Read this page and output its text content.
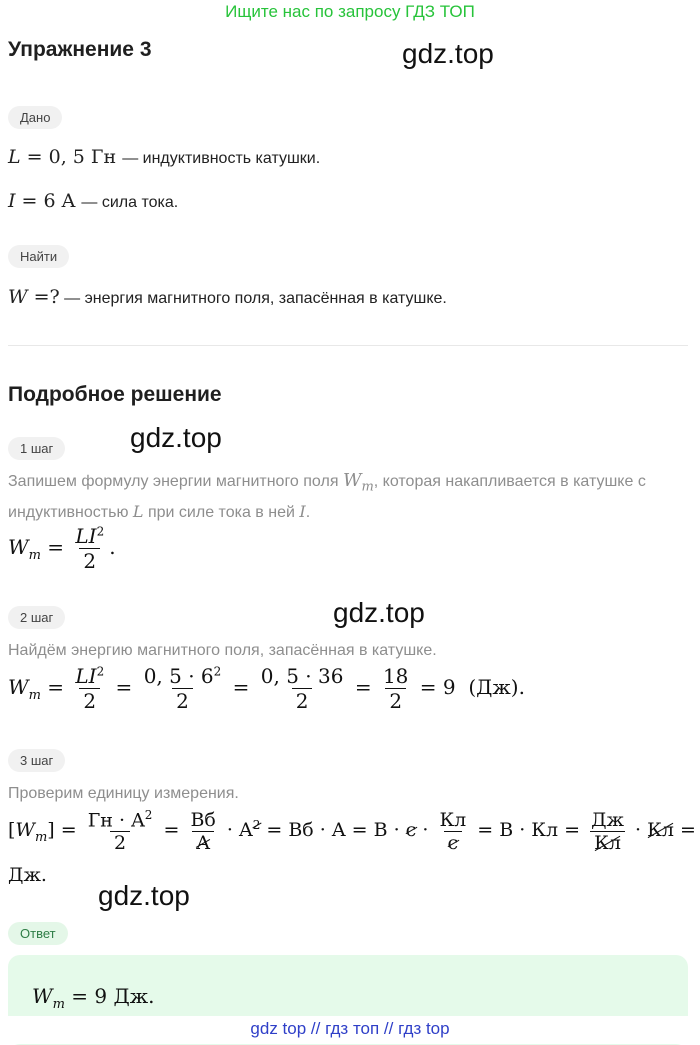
Ищите нас по запросу ГДЗ ТОП
Упражнение 3	gdz.top
Дано
L = 0, 5 Гн — индуктивность катушки.
I = 6 A — сила тока.
Найти
W =? — энергия магнитного поля, запасённая в катушке.
Подробное решение
1 шаг	gdz.top
Запишем формулу энергии магнитного поля $W_m$, которая накапливается в катушке с
индуктивностью L при силе тока в ней I.
$W_m = \frac{LI^2}{2}$ .
2 шаг	gdz.top
Найдём энергию магнитного поля, запасённая в катушке.
$W_m = \frac{LI^2}{2} = \frac{0, 5 \cdot 6^2}{2} = \frac{0, 5 \cdot 36}{2} = \frac{18}{2} = 9$  (Дж).
3 шаг
Проверим единицу измерения.
$[W_m] = \frac{Гн \cdot A^2}{2} = \frac{Вб}{A} \cdot A^2$ = Вб · $A = B \cdot c \cdot \frac{Кл}{c} = B$ · Кл = $\frac{Дж}{Кл}$ · Кл =
Дж.
gdz.top
Ответ
$W_m = 9$ Дж.
gdz top // гдз топ // гдз top
